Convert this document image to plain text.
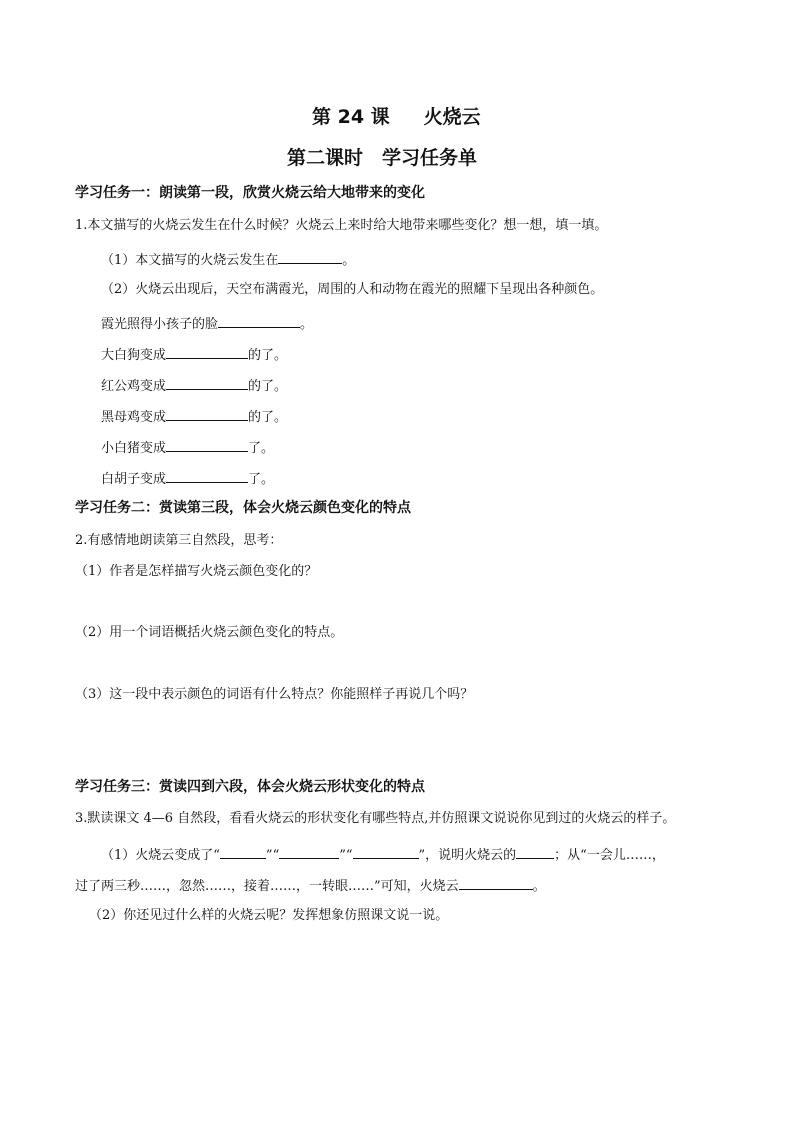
第 24 课 火烧云
第二课时　学习任务单
学习任务一：朗读第一段，欣赏火烧云给大地带来的变化
1.本文描写的火烧云发生在什么时候？火烧云上来时给大地带来哪些变化？想一想，填一填。
（1）本文描写的火烧云发生在	。
（2）火烧云出现后，天空布满霞光，周围的人和动物在霞光的照耀下呈现出各种颜色。
霞光照得小孩子的脸	。
大白狗变成	的了。
红公鸡变成	的了。
黑母鸡变成	的了。
小白猪变成	了。
白胡子变成	了。
学习任务二：赏读第三段，体会火烧云颜色变化的特点
2.有感情地朗读第三自然段，思考：
（1）作者是怎样描写火烧云颜色变化的？
（2）用一个词语概括火烧云颜色变化的特点。
（3）这一段中表示颜色的词语有什么特点？你能照样子再说几个吗？
学习任务三：赏读四到六段，体会火烧云形状变化的特点
3.默读课文 4—6 自然段，看看火烧云的形状变化有哪些特点,并仿照课文说说你见到过的火烧云的样子。
（1）火烧云变成了“	”“	”“	”，说明火烧云的	；从“一会儿……，
过了两三秒……，忽然……，接着……，一转眼……”可知，火烧云	。
（2）你还见过什么样的火烧云呢？发挥想象仿照课文说一说。
